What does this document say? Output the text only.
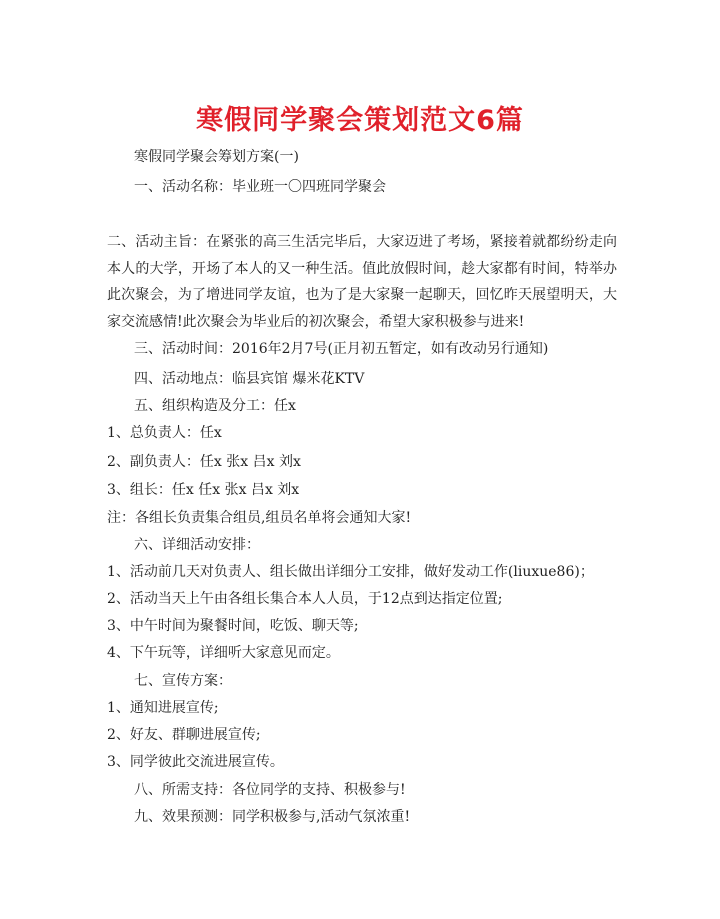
寒假同学聚会策划范文6篇
寒假同学聚会筹划方案(一)
一、活动名称：毕业班一〇四班同学聚会
二、活动主旨：在紧张的高三生活完毕后，大家迈进了考场，紧接着就都纷纷走向本人的大学，开场了本人的又一种生活。值此放假时间，趁大家都有时间，特举办此次聚会，为了增进同学友谊，也为了是大家聚一起聊天，回忆昨天展望明天，大家交流感情!此次聚会为毕业后的初次聚会，希望大家积极参与进来!
三、活动时间：2016年2月7号(正月初五暂定，如有改动另行通知)
四、活动地点：临县宾馆 爆米花KTV
五、组织构造及分工：任x
1、总负责人：任x
2、副负责人：任x 张x 吕x 刘x
3、组长：任x 任x 张x 吕x 刘x
注：各组长负责集合组员,组员名单将会通知大家!
六、详细活动安排：
1、活动前几天对负责人、组长做出详细分工安排，做好发动工作(liuxue86)；
2、活动当天上午由各组长集合本人人员，于12点到达指定位置;
3、中午时间为聚餐时间，吃饭、聊天等;
4、下午玩等，详细听大家意见而定。
七、宣传方案：
1、通知进展宣传;
2、好友、群聊进展宣传;
3、同学彼此交流进展宣传。
八、所需支持：各位同学的支持、积极参与!
九、效果预测：同学积极参与,活动气氛浓重!
